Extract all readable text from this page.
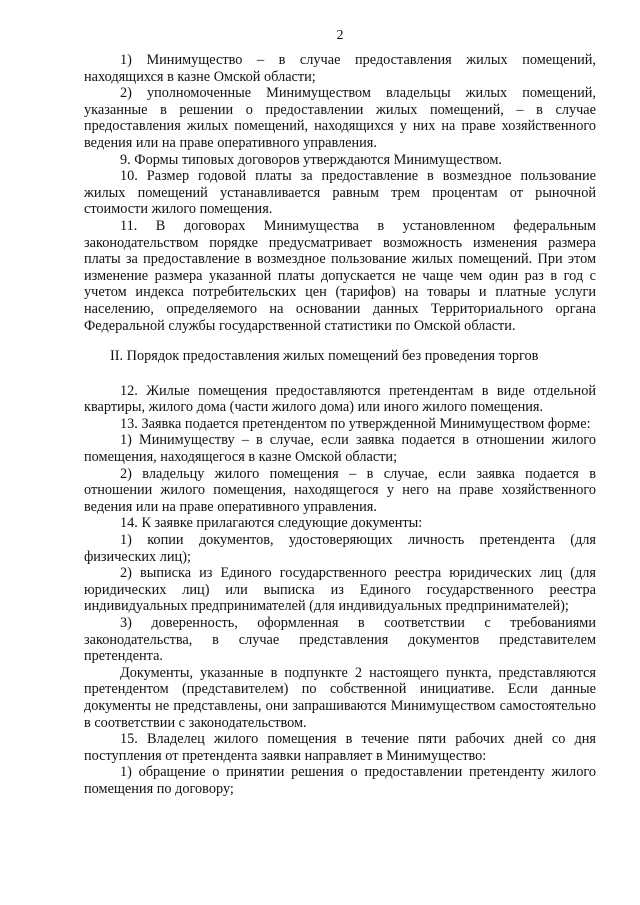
2

1) Минимущество – в случае предоставления жилых помещений, находящихся в казне Омской области;

2) уполномоченные Минимуществом владельцы жилых помещений, указанные в решении о предоставлении жилых помещений, – в случае предоставления жилых помещений, находящихся у них на праве хозяйственного ведения или на праве оперативного управления.

9. Формы типовых договоров утверждаются Минимуществом.

10. Размер годовой платы за предоставление в возмездное пользование жилых помещений устанавливается равным трем процентам от рыночной стоимости жилого помещения.

11. В договорах Минимущества в установленном федеральным законодательством порядке предусматривает возможность изменения размера платы за предоставление в возмездное пользование жилых помещений. При этом изменение размера указанной платы допускается не чаще чем один раз в год с учетом индекса потребительских цен (тарифов) на товары и платные услуги населению, определяемого на основании данных Территориального органа Федеральной службы государственной статистики по Омской области.

II. Порядок предоставления жилых помещений без проведения торгов

12. Жилые помещения предоставляются претендентам в виде отдельной квартиры, жилого дома (части жилого дома) или иного жилого помещения.

13. Заявка подается претендентом по утвержденной Минимуществом форме:

1) Минимуществу – в случае, если заявка подается в отношении жилого помещения, находящегося в казне Омской области;

2) владельцу жилого помещения – в случае, если заявка подается в отношении жилого помещения, находящегося у него на праве хозяйственного ведения или на праве оперативного управления.

14. К заявке прилагаются следующие документы:

1) копии документов, удостоверяющих личность претендента (для физических лиц);

2) выписка из Единого государственного реестра юридических лиц (для юридических лиц) или выписка из Единого государственного реестра индивидуальных предпринимателей (для индивидуальных предпринимателей);

3) доверенность, оформленная в соответствии с требованиями законодательства, в случае представления документов представителем претендента.

Документы, указанные в подпункте 2 настоящего пункта, представляются претендентом (представителем) по собственной инициативе. Если данные документы не представлены, они запрашиваются Минимуществом самостоятельно в соответствии с законодательством.

15. Владелец жилого помещения в течение пяти рабочих дней со дня поступления от претендента заявки направляет в Минимущество:

1) обращение о принятии решения о предоставлении претенденту жилого помещения по договору;
